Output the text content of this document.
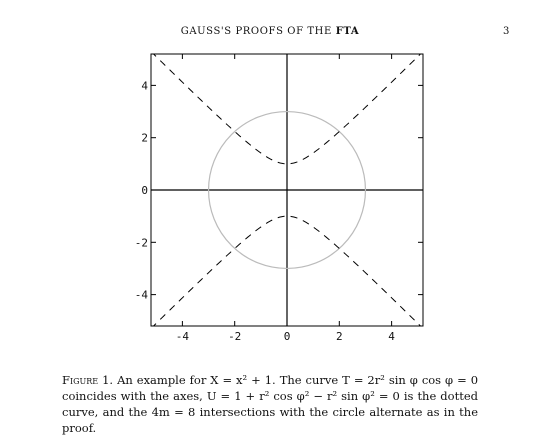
GAUSS'S PROOFS OF THE FTA	3
-4	-2	0	2	4
4
2
0
-2
-4
Figure 1. An example for X = x² + 1. The curve T = 2r² sin φ cos φ = 0 coincides with the axes, U = 1 + r² cos φ² − r² sin φ² = 0 is the dotted curve, and the 4m = 8 intersections with the circle alternate as in the proof.
